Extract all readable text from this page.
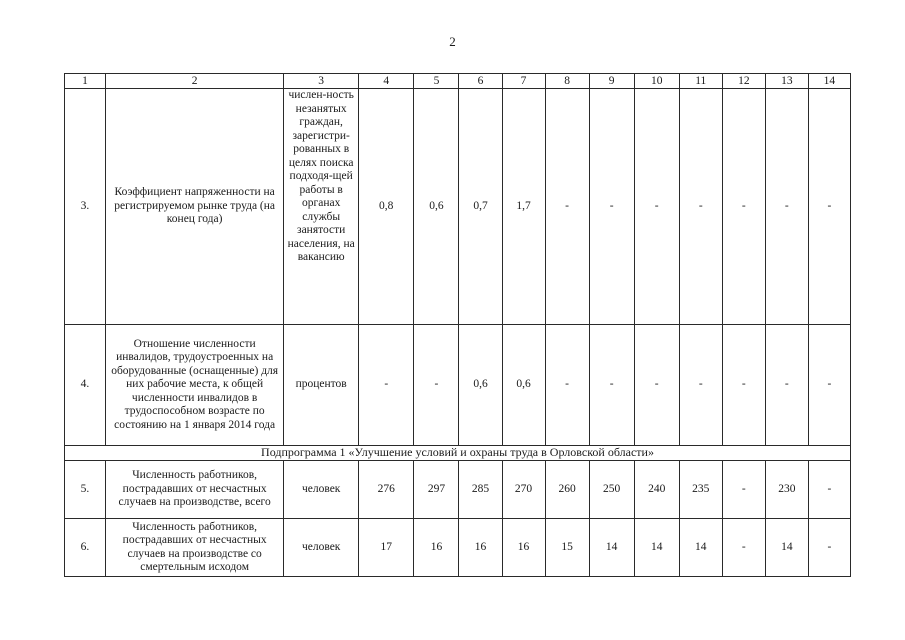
2
1	2	3	4	5	6	7	8	9	10	11	12	13	14
3.	Коэффициент напряженности на регистрируемом рынке труда (на конец года)	числен-ность незанятых граждан, зарегистри-рованных в целях поиска подходя-щей работы в органах службы занятости населения, на вакансию	0,8	0,6	0,7	1,7	-	-	-	-	-	-	-
4.	Отношение численности инвалидов, трудоустроенных на оборудованные (оснащенные) для них рабочие места, к общей численности инвалидов в трудоспособном возрасте по состоянию на 1 января 2014 года	процентов	-	-	0,6	0,6	-	-	-	-	-	-	-
Подпрограмма 1 «Улучшение условий и охраны труда в Орловской области»													
5.	Численность работников, пострадавших от несчастных случаев на производстве, всего	человек	276	297	285	270	260	250	240	235	-	230	-
6.	Численность работников, пострадавших от несчастных случаев на производстве со смертельным исходом	человек	17	16	16	16	15	14	14	14	-	14	-
